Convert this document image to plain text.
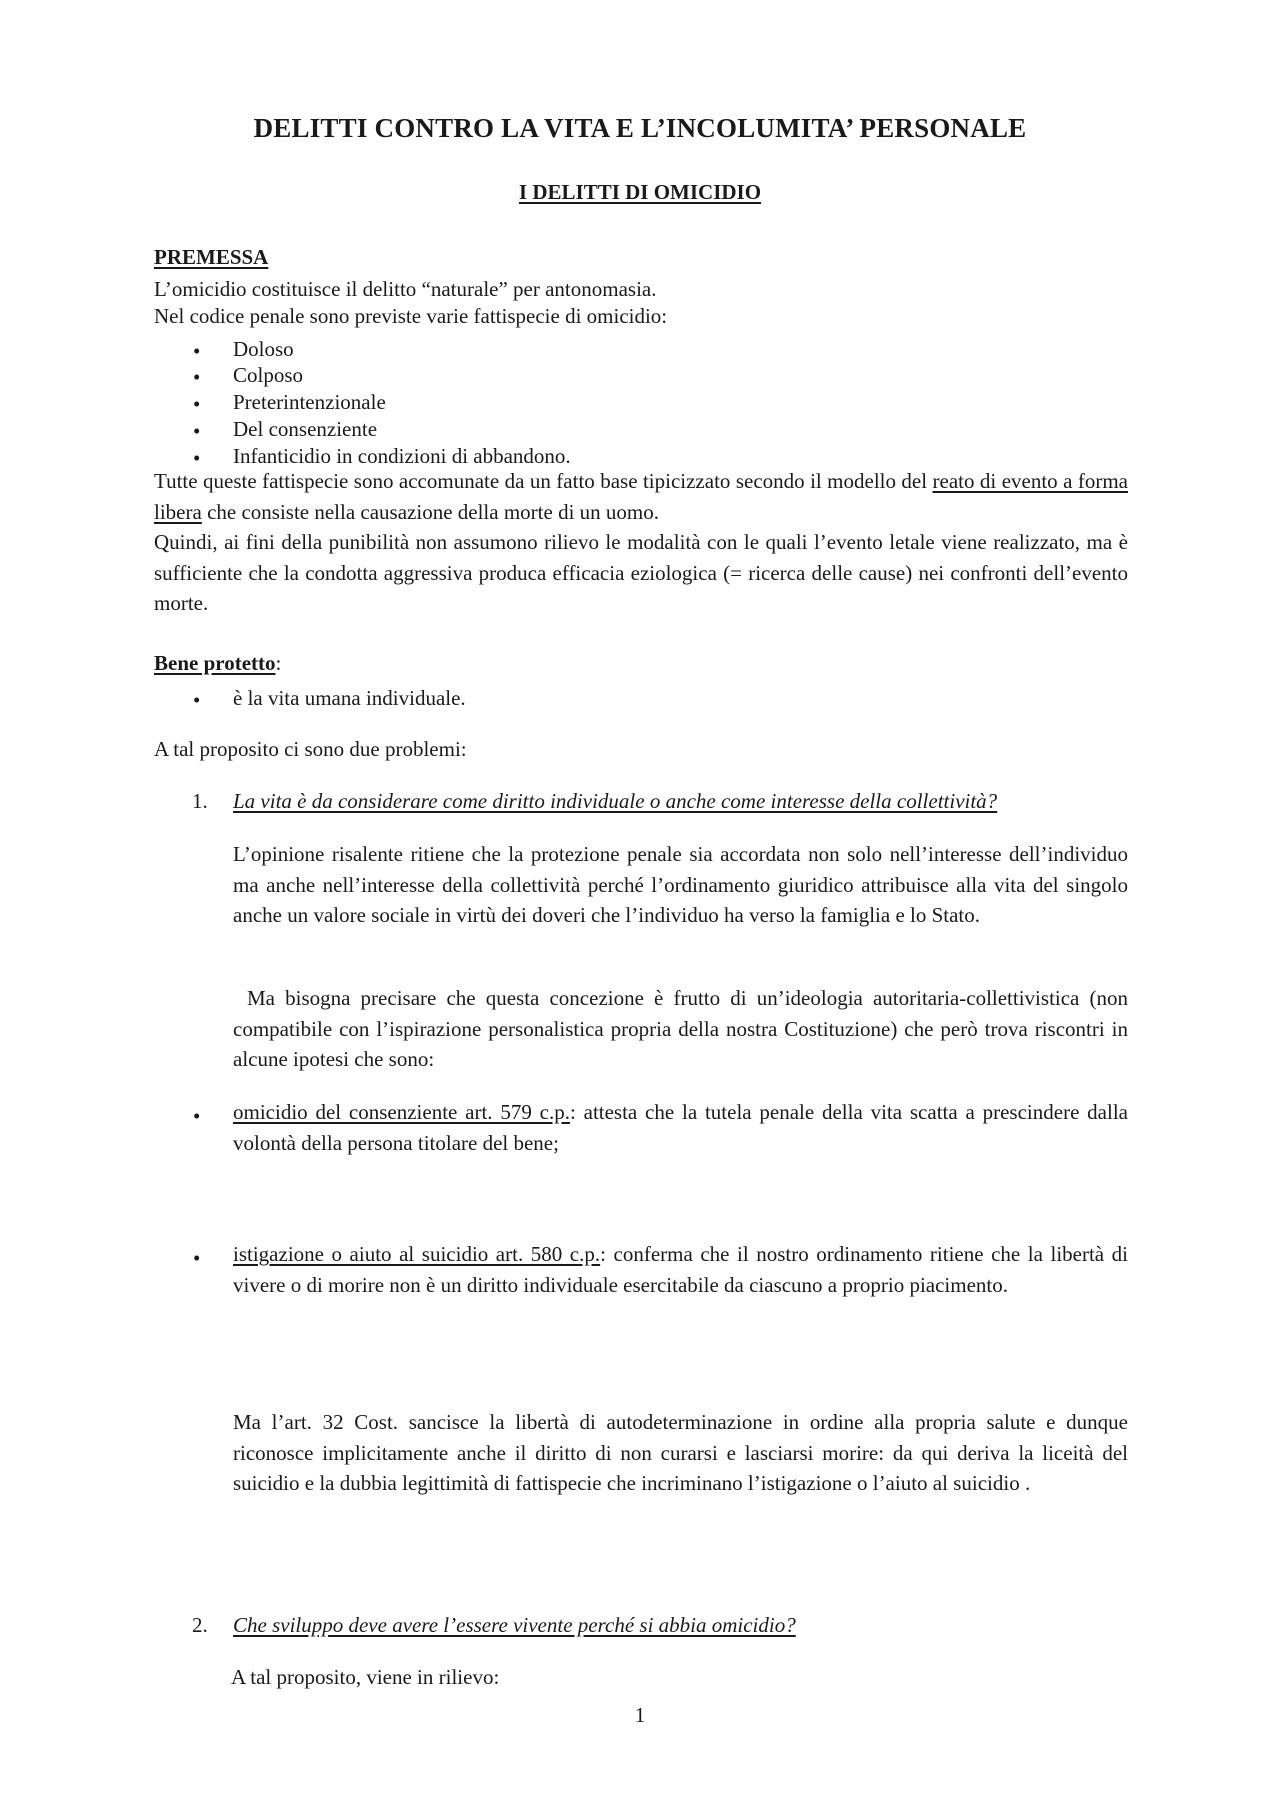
DELITTI CONTRO LA VITA E L’INCOLUMITA’ PERSONALE
I DELITTI DI OMICIDIO
PREMESSA
L’omicidio costituisce il delitto “naturale” per antonomasia.
Nel codice penale sono previste varie fattispecie di omicidio:
• Doloso
• Colposo
• Preterintenzionale
• Del consenziente
• Infanticidio in condizioni di abbandono.
Tutte queste fattispecie sono accomunate da un fatto base tipicizzato secondo il modello del reato di evento a forma libera che consiste nella causazione della morte di un uomo.
Quindi, ai fini della punibilità non assumono rilievo le modalità con le quali l’evento letale viene realizzato, ma è sufficiente che la condotta aggressiva produca efficacia eziologica (= ricerca delle cause) nei confronti dell’evento morte.
Bene protetto:
• è la vita umana individuale.
A tal proposito ci sono due problemi:
1. La vita è da considerare come diritto individuale o anche come interesse della collettività?
L’opinione risalente ritiene che la protezione penale sia accordata non solo nell’interesse dell’individuo ma anche nell’interesse della collettività perché l’ordinamento giuridico attribuisce alla vita del singolo anche un valore sociale in virtù dei doveri che l’individuo ha verso la famiglia e lo Stato.
Ma bisogna precisare che questa concezione è frutto di un’ideologia autoritaria-collettivistica (non compatibile con l’ispirazione personalistica propria della nostra Costituzione) che però trova riscontri in alcune ipotesi che sono:
• omicidio del consenziente art. 579 c.p.: attesta che la tutela penale della vita scatta a prescindere dalla volontà della persona titolare del bene;
• istigazione o aiuto al suicidio art. 580 c.p.: conferma che il nostro ordinamento ritiene che la libertà di vivere o di morire non è un diritto individuale esercitabile da ciascuno a proprio piacimento.
Ma l’art. 32 Cost. sancisce la libertà di autodeterminazione in ordine alla propria salute e dunque riconosce implicitamente anche il diritto di non curarsi e lasciarsi morire: da qui deriva la liceità del suicidio e la dubbia legittimità di fattispecie che incriminano l’istigazione o l’aiuto al suicidio .
2. Che sviluppo deve avere l’essere vivente perché si abbia omicidio?
A tal proposito, viene in rilievo:
1
